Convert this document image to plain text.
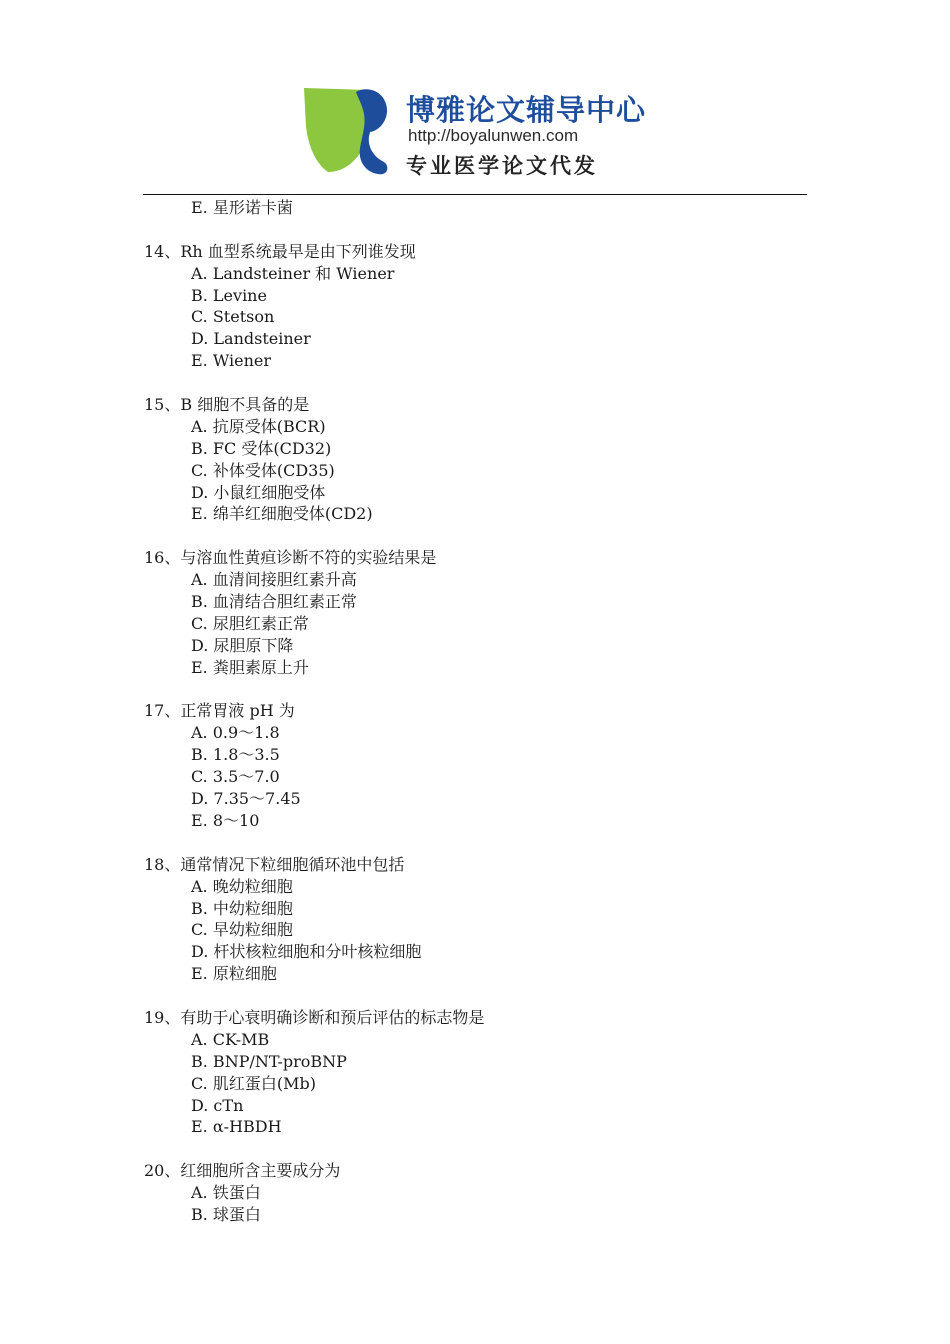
博雅论文辅导中心
http://boyalunwen.com
专业医学论文代发
E. 星形诺卡菌
14、Rh 血型系统最早是由下列谁发现
A. Landsteiner 和 Wiener
B. Levine
C. Stetson
D. Landsteiner
E. Wiener
15、B 细胞不具备的是
A. 抗原受体(BCR)
B. FC 受体(CD32)
C. 补体受体(CD35)
D. 小鼠红细胞受体
E. 绵羊红细胞受体(CD2)
16、与溶血性黄疸诊断不符的实验结果是
A. 血清间接胆红素升高
B. 血清结合胆红素正常
C. 尿胆红素正常
D. 尿胆原下降
E. 粪胆素原上升
17、正常胃液 pH 为
A. 0.9～1.8
B. 1.8～3.5
C. 3.5～7.0
D. 7.35～7.45
E. 8～10
18、通常情况下粒细胞循环池中包括
A. 晚幼粒细胞
B. 中幼粒细胞
C. 早幼粒细胞
D. 杆状核粒细胞和分叶核粒细胞
E. 原粒细胞
19、有助于心衰明确诊断和预后评估的标志物是
A. CK-MB
B. BNP/NT-proBNP
C. 肌红蛋白(Mb)
D. cTn
E. α-HBDH
20、红细胞所含主要成分为
A. 铁蛋白
B. 球蛋白
